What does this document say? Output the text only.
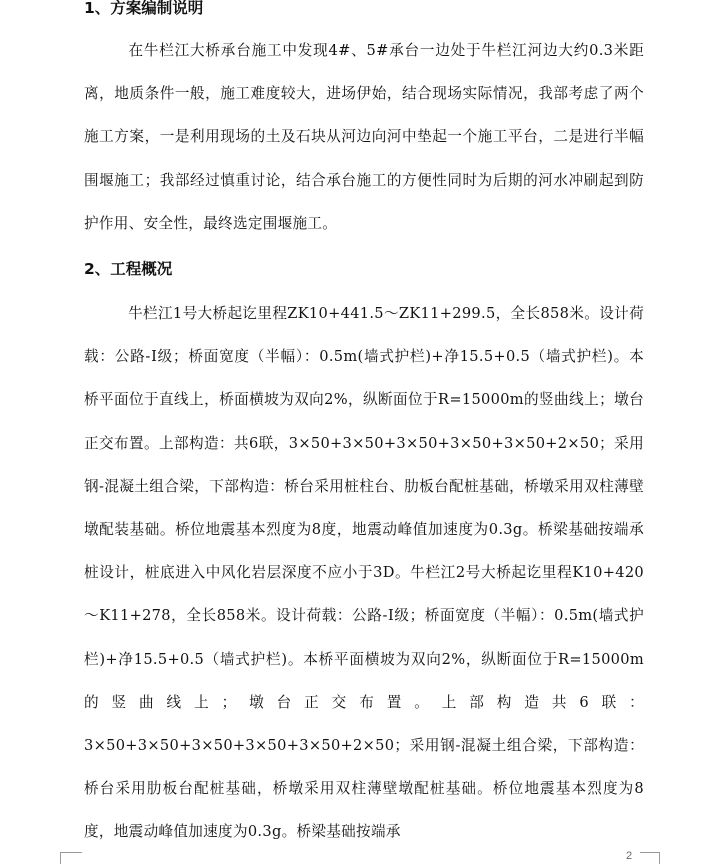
1、方案编制说明

在牛栏江大桥承台施工中发现4#、5#承台一边处于牛栏江河边大约0.3米距离，地质条件一般，施工难度较大，进场伊始，结合现场实际情况，我部考虑了两个施工方案，一是利用现场的土及石块从河边向河中垫起一个施工平台，二是进行半幅围堰施工；我部经过慎重讨论，结合承台施工的方便性同时为后期的河水冲刷起到防护作用、安全性，最终选定围堰施工。

2、工程概况

牛栏江1号大桥起讫里程ZK10+441.5～ZK11+299.5，全长858米。设计荷载：公路-Ⅰ级；桥面宽度（半幅）：0.5m(墙式护栏)+净15.5+0.5（墙式护栏)。本桥平面位于直线上，桥面横坡为双向2%，纵断面位于R=15000m的竖曲线上；墩台正交布置。上部构造：共6联，3×50+3×50+3×50+3×50+3×50+2×50；采用钢-混凝土组合梁，下部构造：桥台采用桩柱台、肋板台配桩基础，桥墩采用双柱薄壁墩配装基础。桥位地震基本烈度为8度，地震动峰值加速度为0.3g。桥梁基础按端承桩设计，桩底进入中风化岩层深度不应小于3D。牛栏江2号大桥起讫里程K10+420～K11+278，全长858米。设计荷载：公路-Ⅰ级；桥面宽度（半幅）：0.5m(墙式护栏)+净15.5+0.5（墙式护栏)。本桥平面横坡为双向2%，纵断面位于R=15000m的竖曲线上；墩台正交布置。上部构造共6联：3×50+3×50+3×50+3×50+3×50+2×50；采用钢-混凝土组合梁，下部构造：桥台采用肋板台配桩基础，桥墩采用双柱薄壁墩配桩基础。桥位地震基本烈度为8度，地震动峰值加速度为0.3g。桥梁基础按端承

2
